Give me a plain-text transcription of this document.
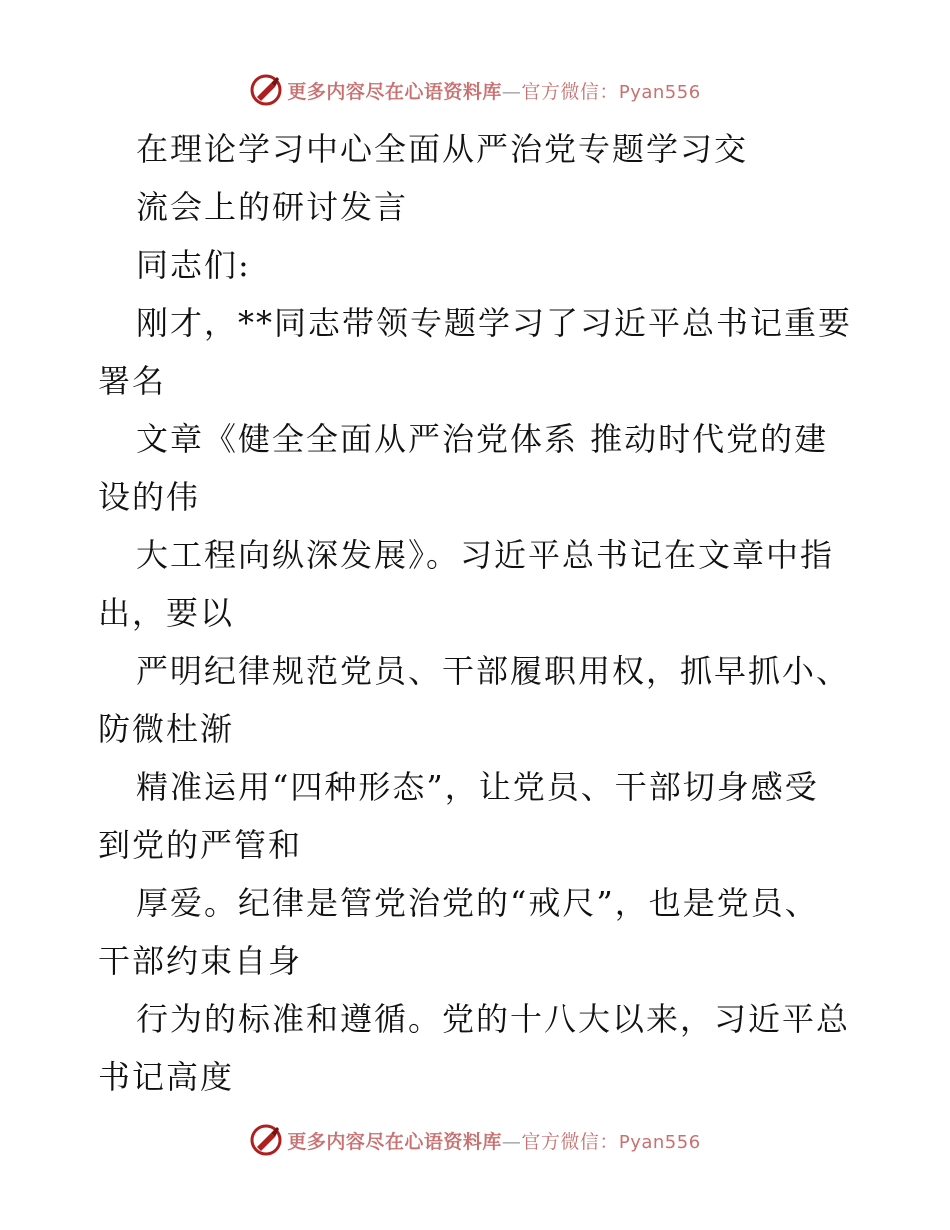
更多内容尽在心语资料库—官方微信：Pyan556
在理论学习中心全面从严治党专题学习交
流会上的研讨发言
同志们:
刚才，**同志带领专题学习了习近平总书记重要
署名
文章《健全全面从严治党体系 推动时代党的建
设的伟
大工程向纵深发展》。习近平总书记在文章中指
出，要以
严明纪律规范党员、干部履职用权，抓早抓小、
防微杜渐
精准运用“四种形态”，让党员、干部切身感受
到党的严管和
厚爱。纪律是管党治党的“戒尺”，也是党员、
干部约束自身
行为的标准和遵循。党的十八大以来，习近平总
书记高度
更多内容尽在心语资料库—官方微信：Pyan556
